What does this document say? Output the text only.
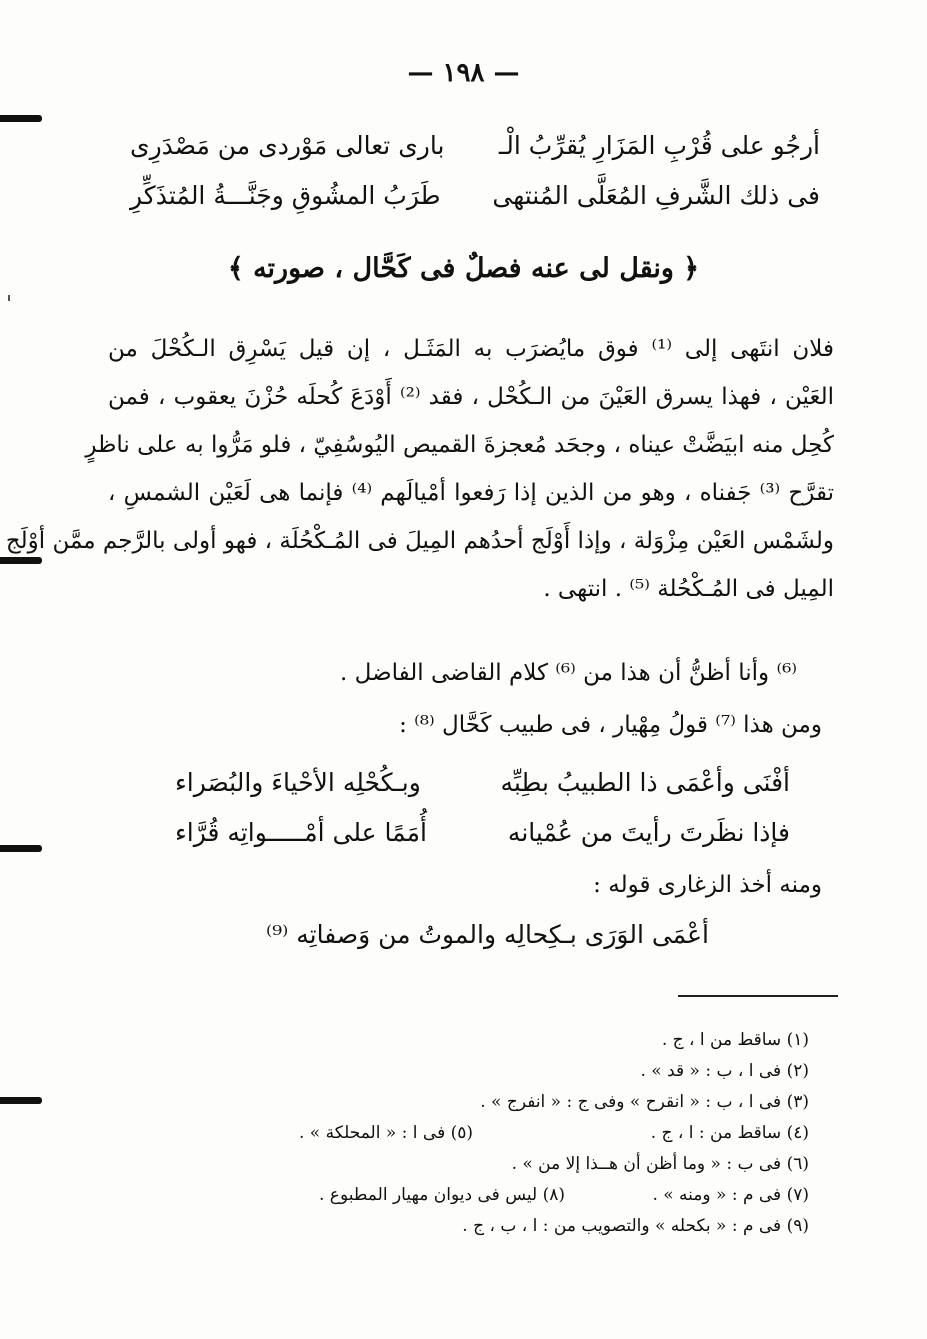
— ١٩٨ —
أرجُو على قُرْبِ المَزَارِ يُقرِّبُ الْـ
بارى تعالى مَوْردى من مَصْدَرِى
فى ذلك الشَّرفِ المُعَلَّى المُنتهى
طَرَبُ المشُوقِ وجَنَّـــةُ المُتذَكِّرِ
﴿ ونقل لى عنه فصلٌ فى كَحَّال ، صورته ﴾
فلان انتَهى إلى ⁽¹⁾ فوق مايُضرَب به المَثَـل ، إن قيل يَسْرِق الـكُحْلَ من
العَيْن ، فهذا يسرق العَيْنَ من الـكُحْل ، فقد ⁽²⁾ أَوْدَعَ كُحلَه حُزْنَ يعقوب ، فمن
كُحِل منه ابيَضَّتْ عيناه ، وجحَد مُعجزةَ القميص اليُوسُفِيّ ، فلو مَرُّوا به على ناظرٍ
تقرَّح ⁽³⁾ جَفناه ، وهو من الذين إذا رَفعوا أمْيالَهم ⁽⁴⁾ فإنما هى لَعَيْن الشمسِ ،
ولشَمْس العَيْن مِزْوَلة ، وإذا أَوْلَج أحدُهم المِيلَ فى المُـكْحُلَة ، فهو أولى بالرَّجم ممَّن أوْلَج
المِيل فى المُـكْحُلة ⁽⁵⁾ . انتهى .
⁽⁶⁾ وأنا أظنُّ أن هذا من ⁽⁶⁾ كلام القاضى الفاضل .
ومن هذا ⁽⁷⁾ قولُ مِهْيار ، فى طبيب كَحَّال ⁽⁸⁾ :
أفْنَى وأعْمَى ذا الطبيبُ بطِبِّه
وبـكُحْلِه الأحْياءَ والبُصَراء
فإذا نظَرتَ رأيتَ من عُمْيانه
أُمَمًا على أمْـــــواتِه قُرَّاء
ومنه أخذ الزغارى قوله :
أعْمَى الوَرَى بـكِحالِه والموتُ من وَصفاتِه ⁽⁹⁾
(١) ساقط من ا ، ج .
(٢) فى ا ، ب : « قد » .
(٣) فى ا ، ب : « انقرح » وفى ج : « انفرج » .
(٤) ساقط من : ا ، ج .
(٥) فى ا : « المحلكة » .
(٦) فى ب : « وما أظن أن هــذا إلا من » .
(٧) فى م : « ومنه » .
(٨) ليس فى ديوان مهيار المطبوع .
(٩) فى م : « بكحله » والتصويب من : ا ، ب ، ج .
